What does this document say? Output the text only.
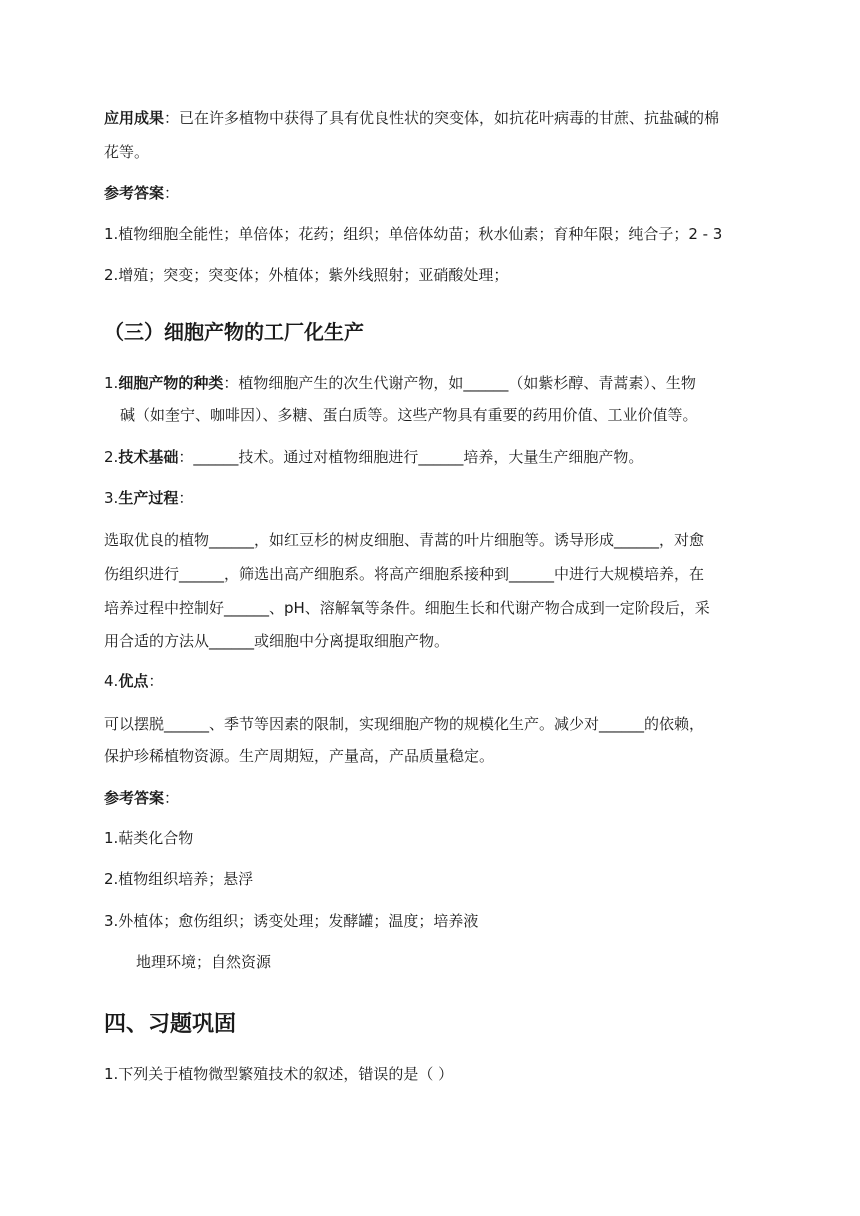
应用成果：已在许多植物中获得了具有优良性状的突变体，如抗花叶病毒的甘蔗、抗盐碱的棉
花等。
参考答案：
1.植物细胞全能性；单倍体；花药；组织；单倍体幼苗；秋水仙素；育种年限；纯合子；2 - 3
2.增殖；突变；突变体；外植体；紫外线照射；亚硝酸处理；
（三）细胞产物的工厂化生产
1.细胞产物的种类：植物细胞产生的次生代谢产物，如______（如紫杉醇、青蒿素）、生物
碱（如奎宁、咖啡因）、多糖、蛋白质等。这些产物具有重要的药用价值、工业价值等。
2.技术基础：______技术。通过对植物细胞进行______培养，大量生产细胞产物。
3.生产过程：
选取优良的植物______，如红豆杉的树皮细胞、青蒿的叶片细胞等。诱导形成______，对愈
伤组织进行______，筛选出高产细胞系。将高产细胞系接种到______中进行大规模培养，在
培养过程中控制好______、pH、溶解氧等条件。细胞生长和代谢产物合成到一定阶段后，采
用合适的方法从______或细胞中分离提取细胞产物。
4.优点：
可以摆脱______、季节等因素的限制，实现细胞产物的规模化生产。减少对______的依赖，
保护珍稀植物资源。生产周期短，产量高，产品质量稳定。
参考答案：
1.萜类化合物
2.植物组织培养；悬浮
3.外植体；愈伤组织；诱变处理；发酵罐；温度；培养液
地理环境；自然资源
四、习题巩固
1.下列关于植物微型繁殖技术的叙述，错误的是（ ）
